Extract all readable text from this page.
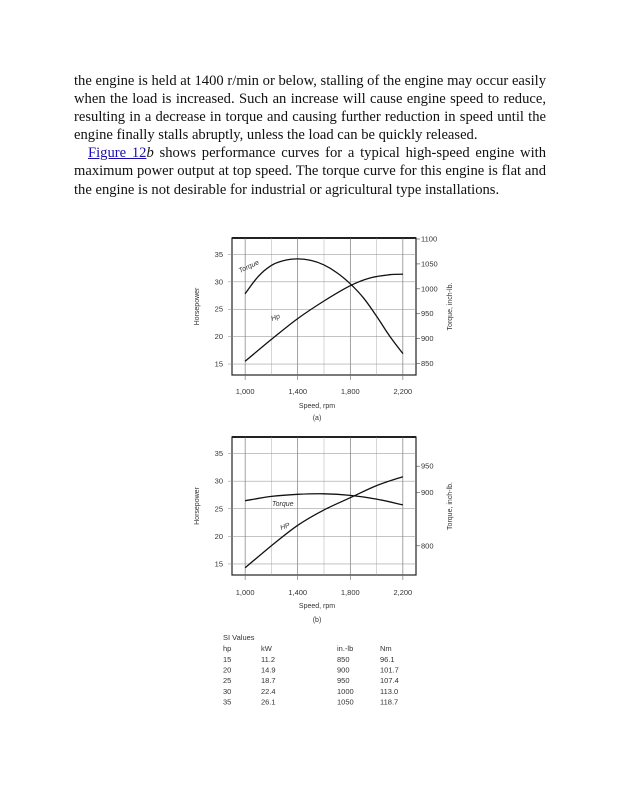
the engine is held at 1400 r/min or below, stalling of the engine may occur easily when the load is increased. Such an increase will cause engine speed to reduce, resulting in a decrease in torque and causing further reduction in speed until the engine finally stalls abruptly, unless the load can be quickly released.

Figure 12b shows performance curves for a typical high-speed engine with maximum power output at top speed. The torque curve for this engine is flat and the engine is not desirable for industrial or agricultural type installations.

1,000	1,400	1,800	2,200
15
20
25
30
35
850
900
950
1000
1050
1100
Speed, rpm
(a)
Horsepower	Torque, inch-lb.
Torque
Hp
1,000	1,400	1,800	2,200
15
20
25
30
35
800
900
950
Speed, rpm
(b)
Horsepower	Torque, inch-lb.
Torque
HP
SI Values
hp	kW	in.-lb	Nm
15	11.2	850	96.1
20	14.9	900	101.7
25	18.7	950	107.4
30	22.4	1000	113.0
35	26.1	1050	118.7
